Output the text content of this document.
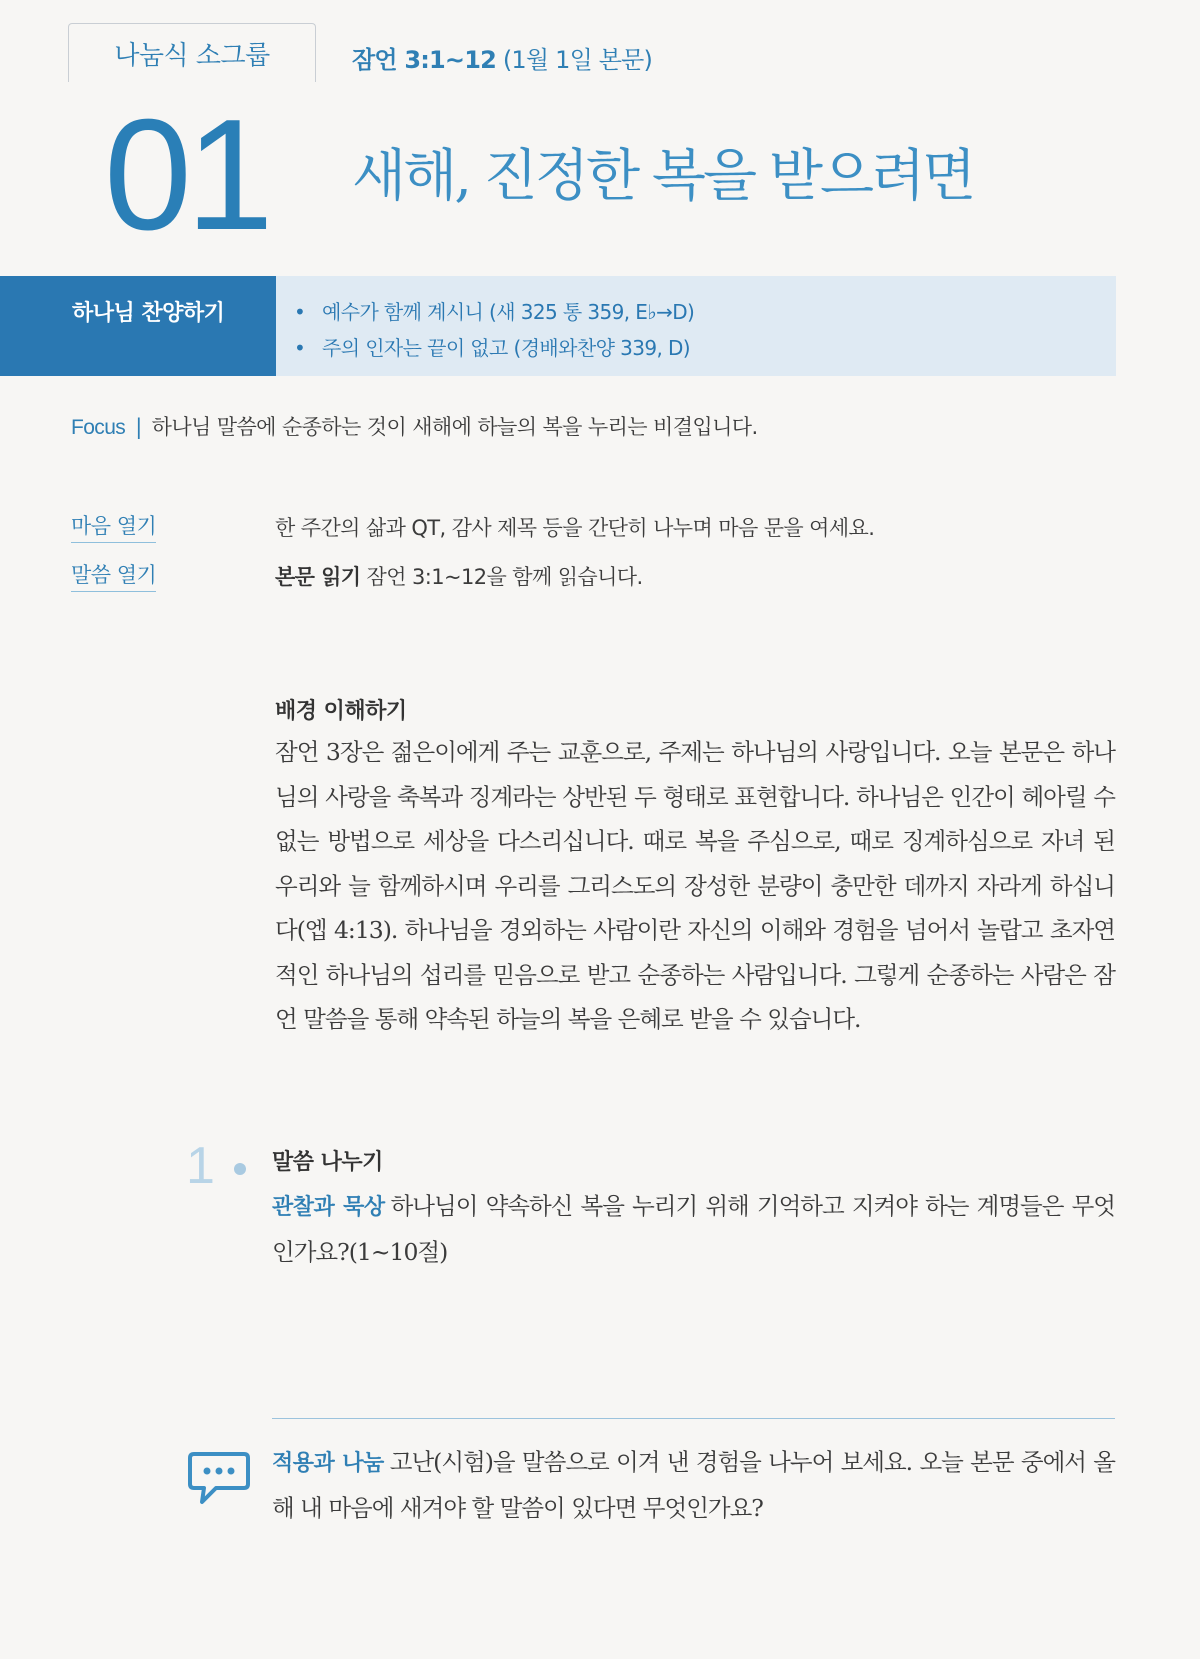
나눔식 소그룹	잠언 3:1~12 (1월 1일 본문)
01 새해, 진정한 복을 받으려면
하나님 찬양하기	• 예수가 함께 계시니 (새 325 통 359, E♭→D)
• 주의 인자는 끝이 없고 (경배와찬양 339, D)
Focus | 하나님 말씀에 순종하는 것이 새해에 하늘의 복을 누리는 비결입니다.
마음 열기	한 주간의 삶과 QT, 감사 제목 등을 간단히 나누며 마음 문을 여세요.
말씀 열기	본문 읽기 잠언 3:1~12을 함께 읽습니다.
배경 이해하기
잠언 3장은 젊은이에게 주는 교훈으로, 주제는 하나님의 사랑입니다. 오늘 본문은 하나님의 사랑을 축복과 징계라는 상반된 두 형태로 표현합니다. 하나님은 인간이 헤아릴 수 없는 방법으로 세상을 다스리십니다. 때로 복을 주심으로, 때로 징계하심으로 자녀 된 우리와 늘 함께하시며 우리를 그리스도의 장성한 분량이 충만한 데까지 자라게 하십니다(엡 4:13). 하나님을 경외하는 사람이란 자신의 이해와 경험을 넘어서 놀랍고 초자연적인 하나님의 섭리를 믿음으로 받고 순종하는 사람입니다. 그렇게 순종하는 사람은 잠언 말씀을 통해 약속된 하늘의 복을 은혜로 받을 수 있습니다.
1	말씀 나누기
관찰과 묵상 하나님이 약속하신 복을 누리기 위해 기억하고 지켜야 하는 계명들은 무엇인가요?(1~10절)
적용과 나눔 고난(시험)을 말씀으로 이겨 낸 경험을 나누어 보세요. 오늘 본문 중에서 올해 내 마음에 새겨야 할 말씀이 있다면 무엇인가요?
